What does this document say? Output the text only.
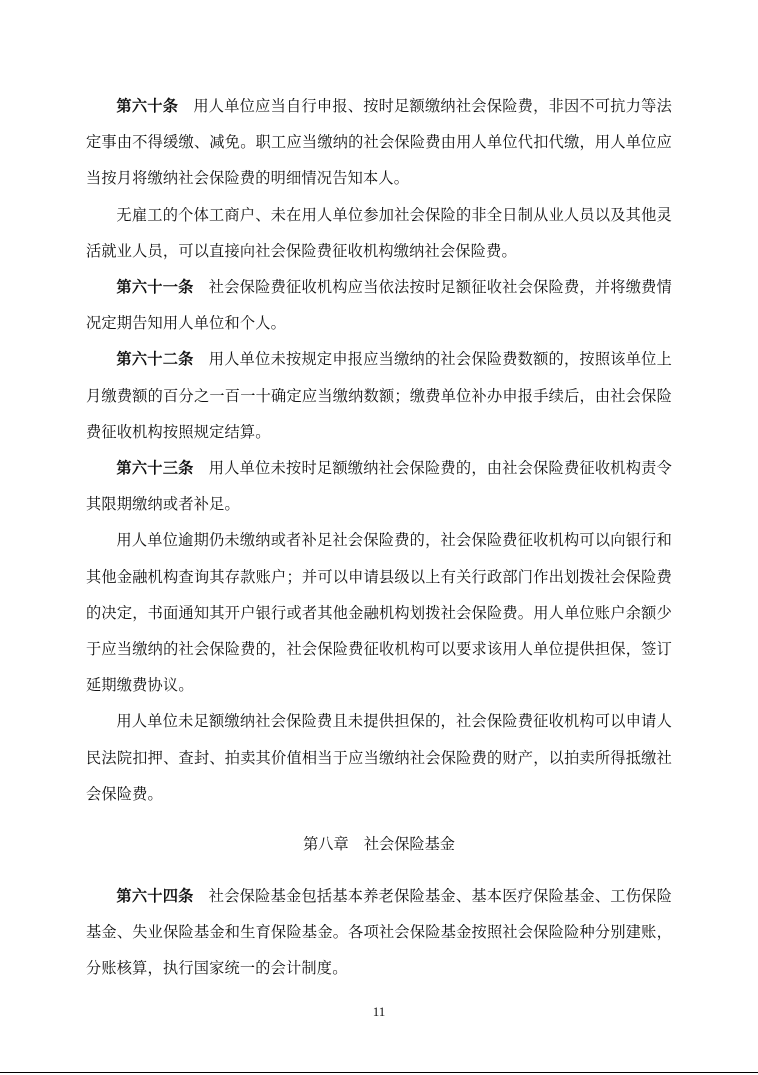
第六十条 用人单位应当自行申报、按时足额缴纳社会保险费，非因不可抗力等法定事由不得缓缴、减免。职工应当缴纳的社会保险费由用人单位代扣代缴，用人单位应当按月将缴纳社会保险费的明细情况告知本人。

无雇工的个体工商户、未在用人单位参加社会保险的非全日制从业人员以及其他灵活就业人员，可以直接向社会保险费征收机构缴纳社会保险费。

第六十一条 社会保险费征收机构应当依法按时足额征收社会保险费，并将缴费情况定期告知用人单位和个人。

第六十二条 用人单位未按规定申报应当缴纳的社会保险费数额的，按照该单位上月缴费额的百分之一百一十确定应当缴纳数额；缴费单位补办申报手续后，由社会保险费征收机构按照规定结算。

第六十三条 用人单位未按时足额缴纳社会保险费的，由社会保险费征收机构责令其限期缴纳或者补足。

用人单位逾期仍未缴纳或者补足社会保险费的，社会保险费征收机构可以向银行和其他金融机构查询其存款账户；并可以申请县级以上有关行政部门作出划拨社会保险费的决定，书面通知其开户银行或者其他金融机构划拨社会保险费。用人单位账户余额少于应当缴纳的社会保险费的，社会保险费征收机构可以要求该用人单位提供担保，签订延期缴费协议。

用人单位未足额缴纳社会保险费且未提供担保的，社会保险费征收机构可以申请人民法院扣押、查封、拍卖其价值相当于应当缴纳社会保险费的财产，以拍卖所得抵缴社会保险费。

第八章 社会保险基金

第六十四条 社会保险基金包括基本养老保险基金、基本医疗保险基金、工伤保险基金、失业保险基金和生育保险基金。各项社会保险基金按照社会保险险种分别建账，分账核算，执行国家统一的会计制度。

11
